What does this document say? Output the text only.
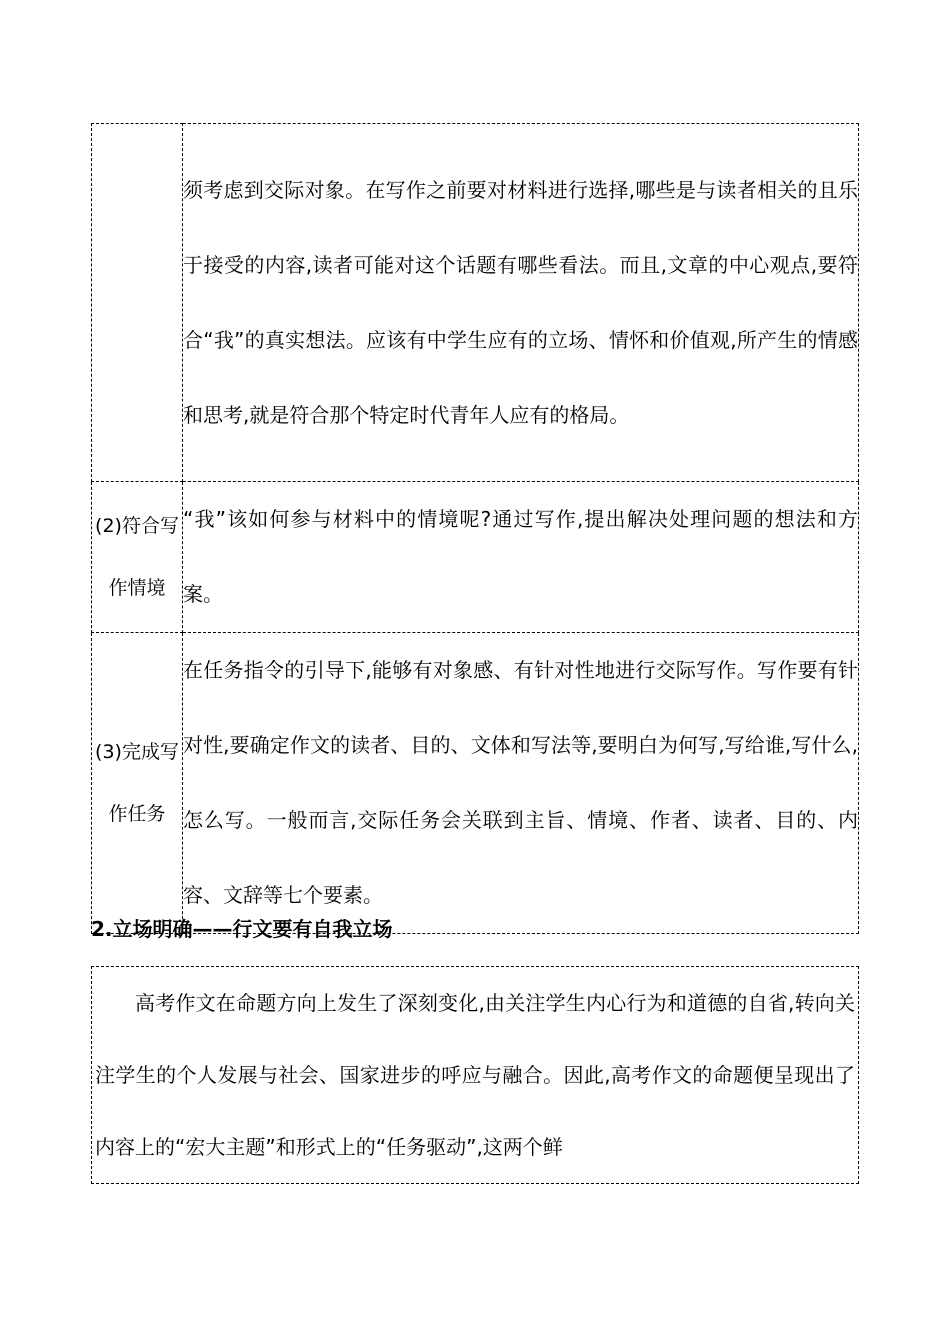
	须考虑到交际对象。在写作之前要对材料进行选择,哪些是与读者相关的且乐于接受的内容,读者可能对这个话题有哪些看法。而且,文章的中心观点,要符合“我”的真实想法。应该有中学生应有的立场、情怀和价值观,所产生的情感和思考,就是符合那个特定时代青年人应有的格局。
(2)符合写作情境	“我”该如何参与材料中的情境呢?通过写作,提出解决处理问题的想法和方案。
(3)完成写作任务	在任务指令的引导下,能够有对象感、有针对性地进行交际写作。写作要有针对性,要确定作文的读者、目的、文体和写法等,要明白为何写,写给谁,写什么,怎么写。一般而言,交际任务会关联到主旨、情境、作者、读者、目的、内容、文辞等七个要素。
2.立场明确——行文要有自我立场
高考作文在命题方向上发生了深刻变化,由关注学生内心行为和道德的自省,转向关注学生的个人发展与社会、国家进步的呼应与融合。因此,高考作文的命题便呈现出了内容上的“宏大主题”和形式上的“任务驱动”,这两个鲜
